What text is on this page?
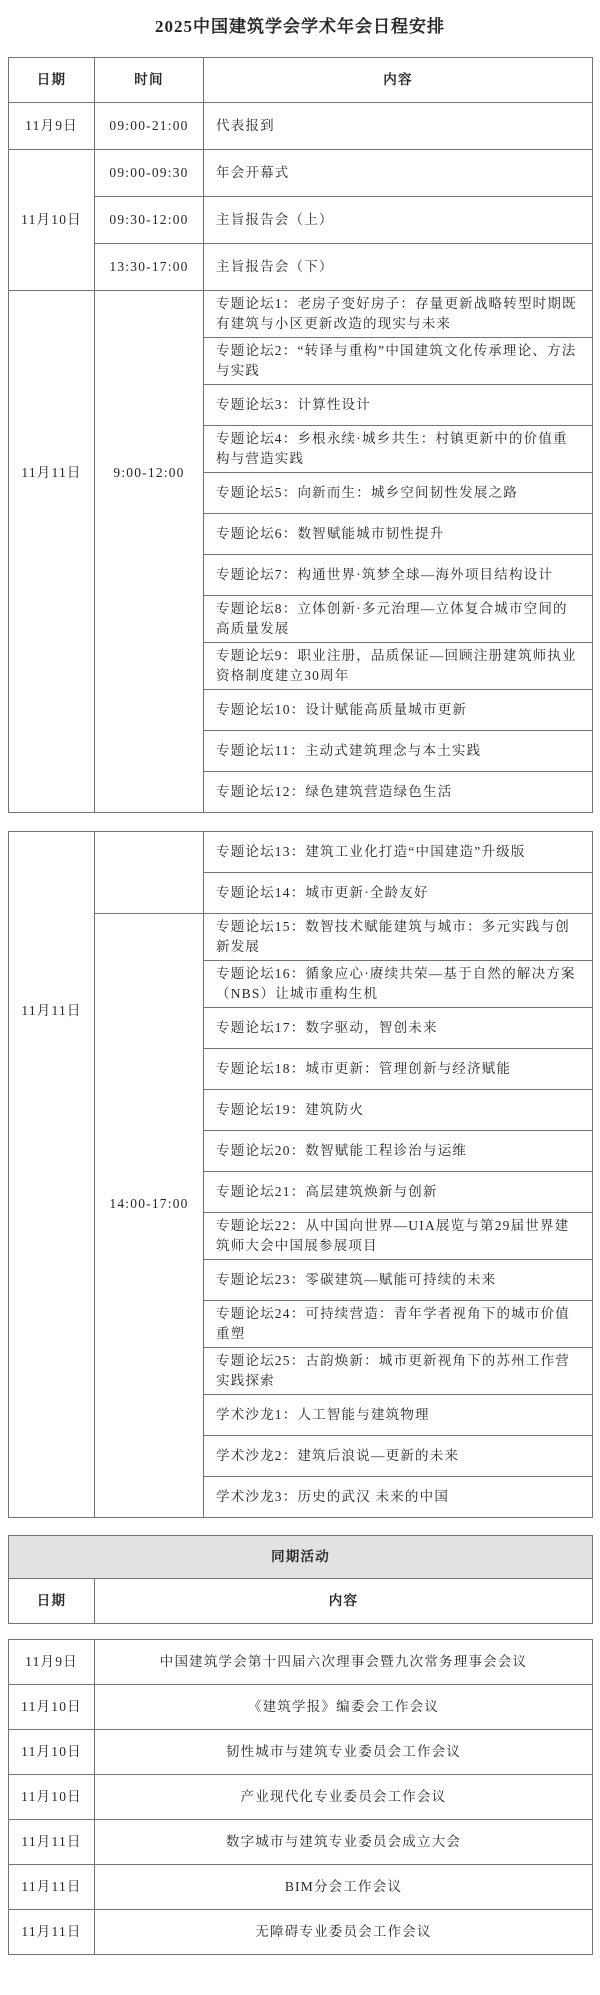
2025中国建筑学会学术年会日程安排
日期	时间	内容
11月9日	09:00-21:00	代表报到
11月10日	09:00-09:30	年会开幕式
	09:30-12:00	主旨报告会（上）
	13:30-17:00	主旨报告会（下）
11月11日	9:00-12:00	专题论坛1：老房子变好房子：存量更新战略转型时期既有建筑与小区更新改造的现实与未来
		专题论坛2：“转译与重构”中国建筑文化传承理论、方法与实践
		专题论坛3：计算性设计
		专题论坛4：乡根永续·城乡共生：村镇更新中的价值重构与营造实践
		专题论坛5：向新而生：城乡空间韧性发展之路
		专题论坛6：数智赋能城市韧性提升
		专题论坛7：构通世界·筑梦全球—海外项目结构设计
		专题论坛8：立体创新·多元治理—立体复合城市空间的高质量发展
		专题论坛9：职业注册，品质保证—回顾注册建筑师执业资格制度建立30周年
		专题论坛10：设计赋能高质量城市更新
		专题论坛11：主动式建筑理念与本土实践
		专题论坛12：绿色建筑营造绿色生活
11月11日		专题论坛13：建筑工业化打造“中国建造”升级版
		专题论坛14：城市更新·全龄友好
	14:00-17:00	专题论坛15：数智技术赋能建筑与城市：多元实践与创新发展
		专题论坛16：循象应心·赓续共荣—基于自然的解决方案（NBS）让城市重构生机
		专题论坛17：数字驱动，智创未来
		专题论坛18：城市更新：管理创新与经济赋能
		专题论坛19：建筑防火
		专题论坛20：数智赋能工程诊治与运维
		专题论坛21：高层建筑焕新与创新
		专题论坛22：从中国向世界—UIA展览与第29届世界建筑师大会中国展参展项目
		专题论坛23：零碳建筑—赋能可持续的未来
		专题论坛24：可持续营造：青年学者视角下的城市价值重塑
		专题论坛25：古韵焕新：城市更新视角下的苏州工作营实践探索
		学术沙龙1：人工智能与建筑物理
		学术沙龙2：建筑后浪说—更新的未来
		学术沙龙3：历史的武汉 未来的中国
同期活动
日期	内容
11月9日	中国建筑学会第十四届六次理事会暨九次常务理事会会议
11月10日	《建筑学报》编委会工作会议
11月10日	韧性城市与建筑专业委员会工作会议
11月10日	产业现代化专业委员会工作会议
11月11日	数字城市与建筑专业委员会成立大会
11月11日	BIM分会工作会议
11月11日	无障碍专业委员会工作会议
